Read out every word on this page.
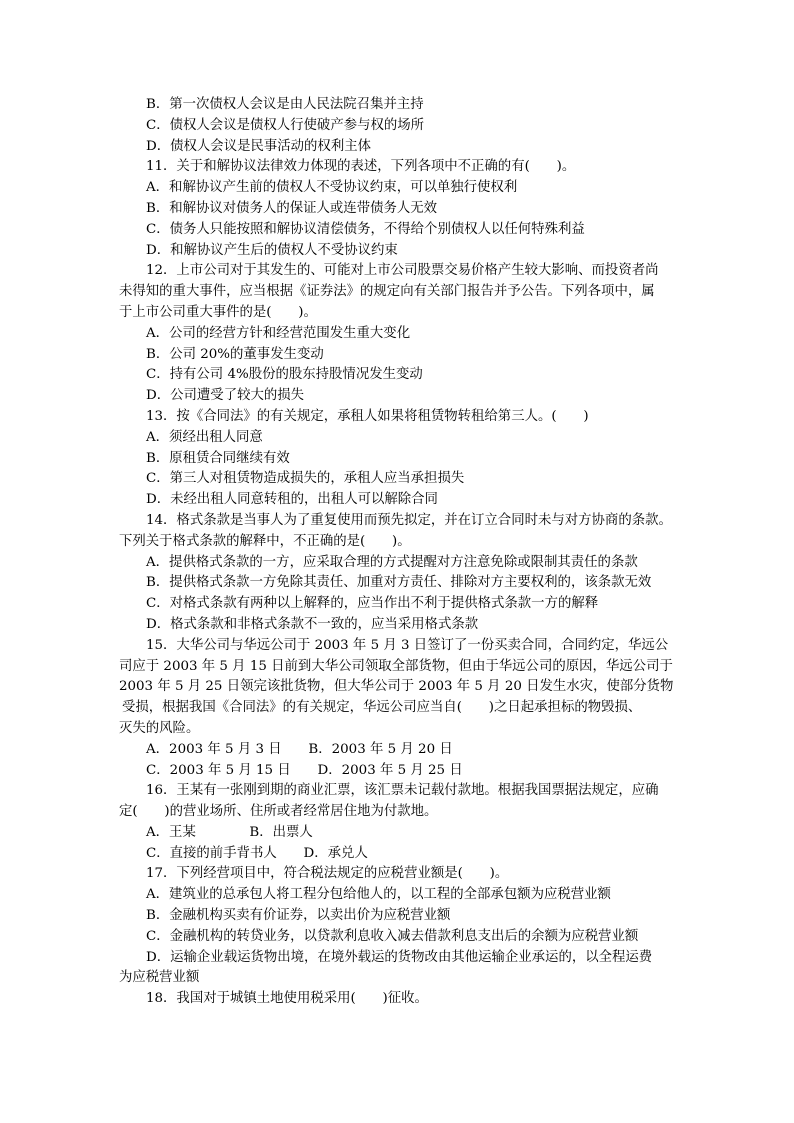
B．第一次债权人会议是由人民法院召集并主持
C．债权人会议是债权人行使破产参与权的场所
D．债权人会议是民事活动的权利主体
11．关于和解协议法律效力体现的表述，下列各项中不正确的有(　　)。
A．和解协议产生前的债权人不受协议约束，可以单独行使权利
B．和解协议对债务人的保证人或连带债务人无效
C．债务人只能按照和解协议清偿债务，不得给个别债权人以任何特殊利益
D．和解协议产生后的债权人不受协议约束
12．上市公司对于其发生的、可能对上市公司股票交易价格产生较大影响、而投资者尚
未得知的重大事件，应当根据《证券法》的规定向有关部门报告并予公告。下列各项中，属
于上市公司重大事件的是(　　)。
A．公司的经营方针和经营范围发生重大变化
B．公司 20%的董事发生变动
C．持有公司 4%股份的股东持股情况发生变动
D．公司遭受了较大的损失
13．按《合同法》的有关规定，承租人如果将租赁物转租给第三人。(　　)
A．须经出租人同意
B．原租赁合同继续有效
C．第三人对租赁物造成损失的，承租人应当承担损失
D．未经出租人同意转租的，出租人可以解除合同
14．格式条款是当事人为了重复使用而预先拟定，并在订立合同时未与对方协商的条款。
下列关于格式条款的解释中，不正确的是(　　)。
A．提供格式条款的一方，应采取合理的方式提醒对方注意免除或限制其责任的条款
B．提供格式条款一方免除其责任、加重对方责任、排除对方主要权利的，该条款无效
C．对格式条款有两种以上解释的，应当作出不利于提供格式条款一方的解释
D．格式条款和非格式条款不一致的，应当采用格式条款
15．大华公司与华远公司于 2003 年 5 月 3 日签订了一份买卖合同，合同约定，华远公
司应于 2003 年 5 月 15 日前到大华公司领取全部货物，但由于华远公司的原因，华远公司于
2003 年 5 月 25 日领完该批货物，但大华公司于 2003 年 5 月 20 日发生水灾，使部分货物
受损，根据我国《合同法》的有关规定，华远公司应当自(　　)之日起承担标的物毁损、
灭失的风险。
A．2003 年 5 月 3 日　　B．2003 年 5 月 20 日
C．2003 年 5 月 15 日　　D．2003 年 5 月 25 日
16．王某有一张刚到期的商业汇票，该汇票未记载付款地。根据我国票据法规定，应确
定(　　)的营业场所、住所或者经常居住地为付款地。
A．王某　　　　B．出票人
C．直接的前手背书人　　D．承兑人
17．下列经营项目中，符合税法规定的应税营业额是(　　)。
A．建筑业的总承包人将工程分包给他人的，以工程的全部承包额为应税营业额
B．金融机构买卖有价证券，以卖出价为应税营业额
C．金融机构的转贷业务，以贷款利息收入减去借款利息支出后的余额为应税营业额
D．运输企业载运货物出境，在境外载运的货物改由其他运输企业承运的，以全程运费
为应税营业额
18．我国对于城镇土地使用税采用(　　)征收。
